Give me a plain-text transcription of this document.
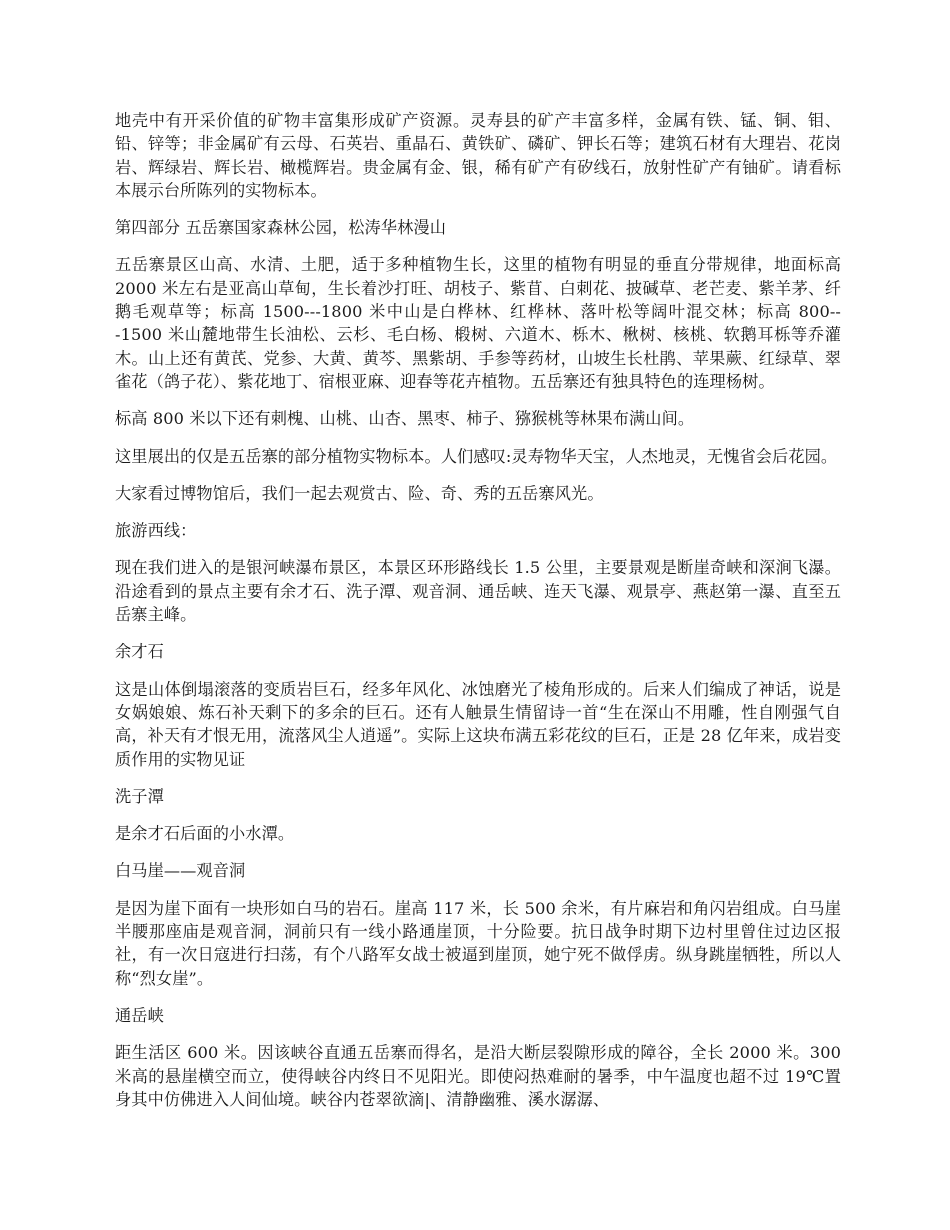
地壳中有开采价值的矿物丰富集形成矿产资源。灵寿县的矿产丰富多样，金属有铁、锰、铜、钼、铅、锌等；非金属矿有云母、石英岩、重晶石、黄铁矿、磷矿、钾长石等；建筑石材有大理岩、花岗岩、辉绿岩、辉长岩、橄榄辉岩。贵金属有金、银，稀有矿产有矽线石，放射性矿产有铀矿。请看标本展示台所陈列的实物标本。

第四部分 五岳寨国家森林公园，松涛华林漫山

五岳寨景区山高、水清、土肥，适于多种植物生长，这里的植物有明显的垂直分带规律，地面标高 2000 米左右是亚高山草甸，生长着沙打旺、胡枝子、紫苜、白刺花、披碱草、老芒麦、紫羊茅、纤鹅毛观草等；标高 1500---1800 米中山是白桦林、红桦林、落叶松等阔叶混交林；标高 800---1500 米山麓地带生长油松、云杉、毛白杨、椴树、六道木、栎木、楸树、核桃、软鹅耳栎等乔灌木。山上还有黄芪、党参、大黄、黄芩、黑紫胡、手参等药材，山坡生长杜鹃、苹果蕨、红绿草、翠雀花（鸽子花）、紫花地丁、宿根亚麻、迎春等花卉植物。五岳寨还有独具特色的连理杨树。

标高 800 米以下还有刺槐、山桃、山杏、黑枣、柿子、猕猴桃等林果布满山间。

这里展出的仅是五岳寨的部分植物实物标本。人们感叹:灵寿物华天宝，人杰地灵，无愧省会后花园。

大家看过博物馆后，我们一起去观赏古、险、奇、秀的五岳寨风光。

旅游西线：

现在我们进入的是银河峡瀑布景区，本景区环形路线长 1.5 公里，主要景观是断崖奇峡和深涧飞瀑。沿途看到的景点主要有余才石、洗子潭、观音洞、通岳峡、连天飞瀑、观景亭、燕赵第一瀑、直至五岳寨主峰。

余才石

这是山体倒塌滚落的变质岩巨石，经多年风化、冰蚀磨光了棱角形成的。后来人们编成了神话，说是女娲娘娘、炼石补天剩下的多余的巨石。还有人触景生情留诗一首“生在深山不用雕，性自刚强气自高，补天有才恨无用，流落风尘人逍遥”。实际上这块布满五彩花纹的巨石，正是 28 亿年来，成岩变质作用的实物见证

洗子潭

是余才石后面的小水潭。

白马崖——观音洞

是因为崖下面有一块形如白马的岩石。崖高 117 米，长 500 余米，有片麻岩和角闪岩组成。白马崖半腰那座庙是观音洞，洞前只有一线小路通崖顶，十分险要。抗日战争时期下边村里曾住过边区报社，有一次日寇进行扫荡，有个八路军女战士被逼到崖顶，她宁死不做俘虏。纵身跳崖牺牲，所以人称“烈女崖”。

通岳峡

距生活区 600 米。因该峡谷直通五岳寨而得名，是沿大断层裂隙形成的障谷，全长 2000 米。300 米高的悬崖横空而立，使得峡谷内终日不见阳光。即使闷热难耐的暑季，中午温度也超不过 19℃置身其中仿佛进入人间仙境。峡谷内苍翠欲滴|、清静幽雅、溪水潺潺、
